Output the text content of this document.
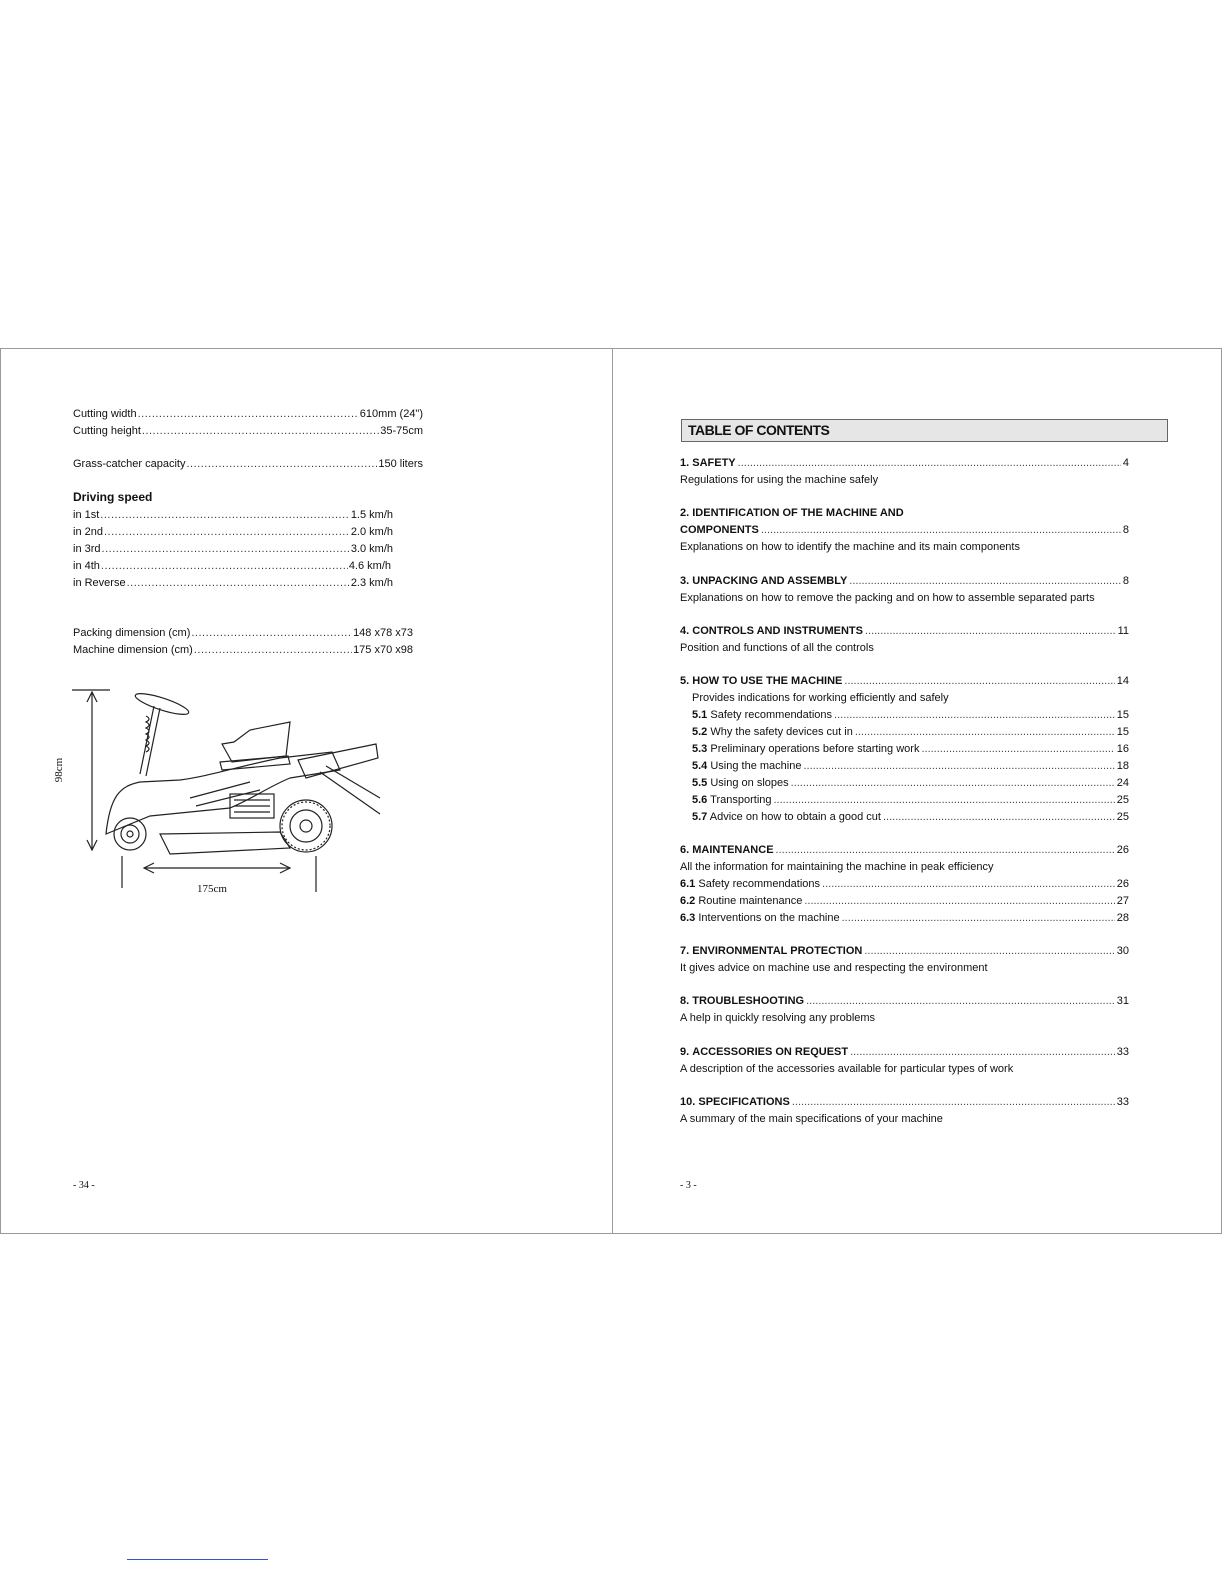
Cutting width .....	610mm (24")
Cutting height .....	35-75cm
Grass-catcher capacity .....	150 liters
Driving speed
in 1st .....	1.5 km/h
in 2nd .....	2.0 km/h
in 3rd .....	3.0 km/h
in 4th .....	4.6 km/h
in Reverse .....	2.3 km/h
Packing dimension (cm) .....	148 x78 x73
Machine dimension (cm) .....	175 x70 x98
98cm
175cm
- 34 -
TABLE OF CONTENTS
1. SAFETY .....	4
Regulations for using the machine safely
2. IDENTIFICATION OF THE MACHINE AND
COMPONENTS .....	8
Explanations on how to identify the machine and its main components
3. UNPACKING AND ASSEMBLY .....	8
Explanations on how to remove the packing and on how to assemble separated parts
4. CONTROLS AND INSTRUMENTS .....	11
Position and functions of all the controls
5. HOW TO USE THE MACHINE .....	14
Provides indications for working efficiently and safely
5.1 Safety recommendations .....	15
5.2 Why the safety devices cut in .....	15
5.3 Preliminary operations before starting work .....	16
5.4 Using the machine .....	18
5.5 Using on slopes .....	24
5.6 Transporting .....	25
5.7 Advice on how to obtain a good cut .....	25
6. MAINTENANCE .....	26
All the information for maintaining the machine in peak efficiency
6.1 Safety recommendations .....	26
6.2 Routine maintenance .....	27
6.3 Interventions on the machine .....	28
7. ENVIRONMENTAL PROTECTION .....	30
It gives advice on machine use and respecting the environment
8. TROUBLESHOOTING .....	31
A help in quickly resolving any problems
9. ACCESSORIES ON REQUEST .....	33
A description of the accessories available for particular types of work
10. SPECIFICATIONS .....	33
A summary of the main specifications of your machine
- 3 -
